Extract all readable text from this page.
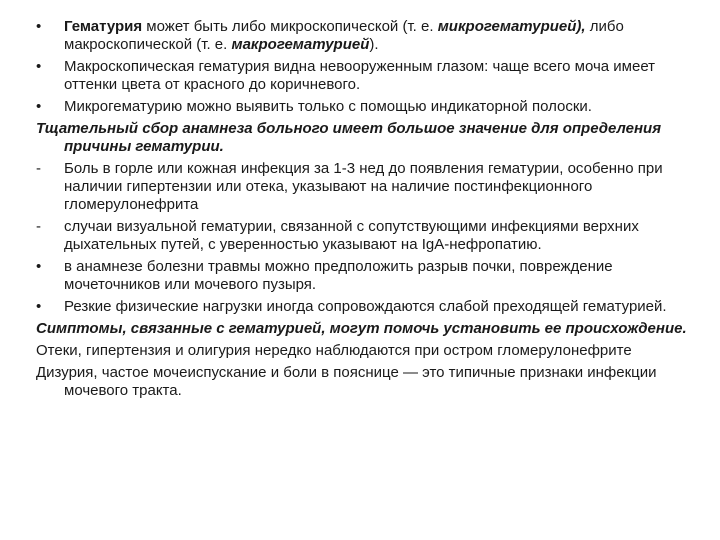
•	Гематурия может быть либо микроскопической (т. е. микрогематурией), либо макроскопической (т. е. макрогематурией).
•	Макроскопическая гематурия видна невооруженным глазом: чаще всего моча имеет оттенки цвета от красного до коричневого.
•	Микрогематурию можно выявить только с помощью индикаторной полоски.
Тщательный сбор анамнеза больного имеет большое значение для определения причины гематурии.
-	Боль в горле или кожная инфекция за 1-3 нед до появления гематурии, особенно при наличии гипертензии или отека, указывают на наличие постинфекционного гломерулонефрита
-	случаи визуальной гематурии, связанной с сопутствующими инфекциями верхних дыхательных путей, с уверенностью указывают на IgA-нефропатию.
•	в анамнезе болезни травмы можно предположить разрыв почки, повреждение мочеточников или мочевого пузыря.
•	Резкие физические нагрузки иногда сопровождаются слабой преходящей гематурией.
Симптомы, связанные с гематурией, могут помочь установить ее происхождение.
Отеки, гипертензия и олигурия нередко наблюдаются при остром гломерулонефрите
Дизурия, частое мочеиспускание и боли в пояснице — это типичные признаки инфекции мочевого тракта.
